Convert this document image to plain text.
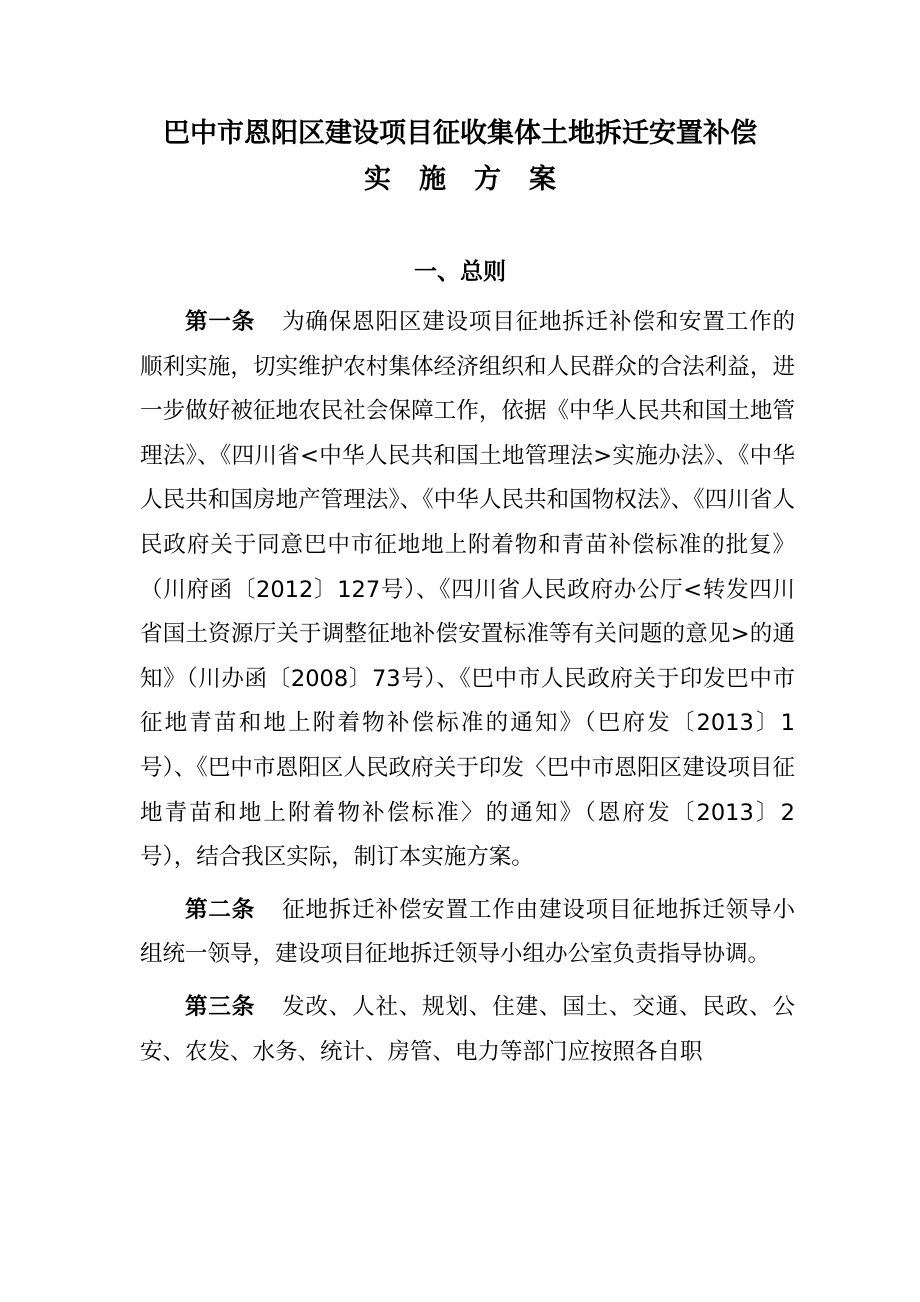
巴中市恩阳区建设项目征收集体土地拆迁安置补偿
实施方案
一、总则

第一条 为确保恩阳区建设项目征地拆迁补偿和安置工作的顺利实施，切实维护农村集体经济组织和人民群众的合法利益，进一步做好被征地农民社会保障工作，依据《中华人民共和国土地管理法》、《四川省<中华人民共和国土地管理法>实施办法》、《中华人民共和国房地产管理法》、《中华人民共和国物权法》、《四川省人民政府关于同意巴中市征地地上附着物和青苗补偿标准的批复》（川府函〔2012〕127号）、《四川省人民政府办公厅<转发四川省国土资源厅关于调整征地补偿安置标准等有关问题的意见>的通知》（川办函〔2008〕73号）、《巴中市人民政府关于印发巴中市征地青苗和地上附着物补偿标准的通知》（巴府发〔2013〕1号）、《巴中市恩阳区人民政府关于印发〈巴中市恩阳区建设项目征地青苗和地上附着物补偿标准〉的通知》（恩府发〔2013〕2号），结合我区实际，制订本实施方案。

第二条 征地拆迁补偿安置工作由建设项目征地拆迁领导小组统一领导，建设项目征地拆迁领导小组办公室负责指导协调。

第三条 发改、人社、规划、住建、国土、交通、民政、公安、农发、水务、统计、房管、电力等部门应按照各自职
